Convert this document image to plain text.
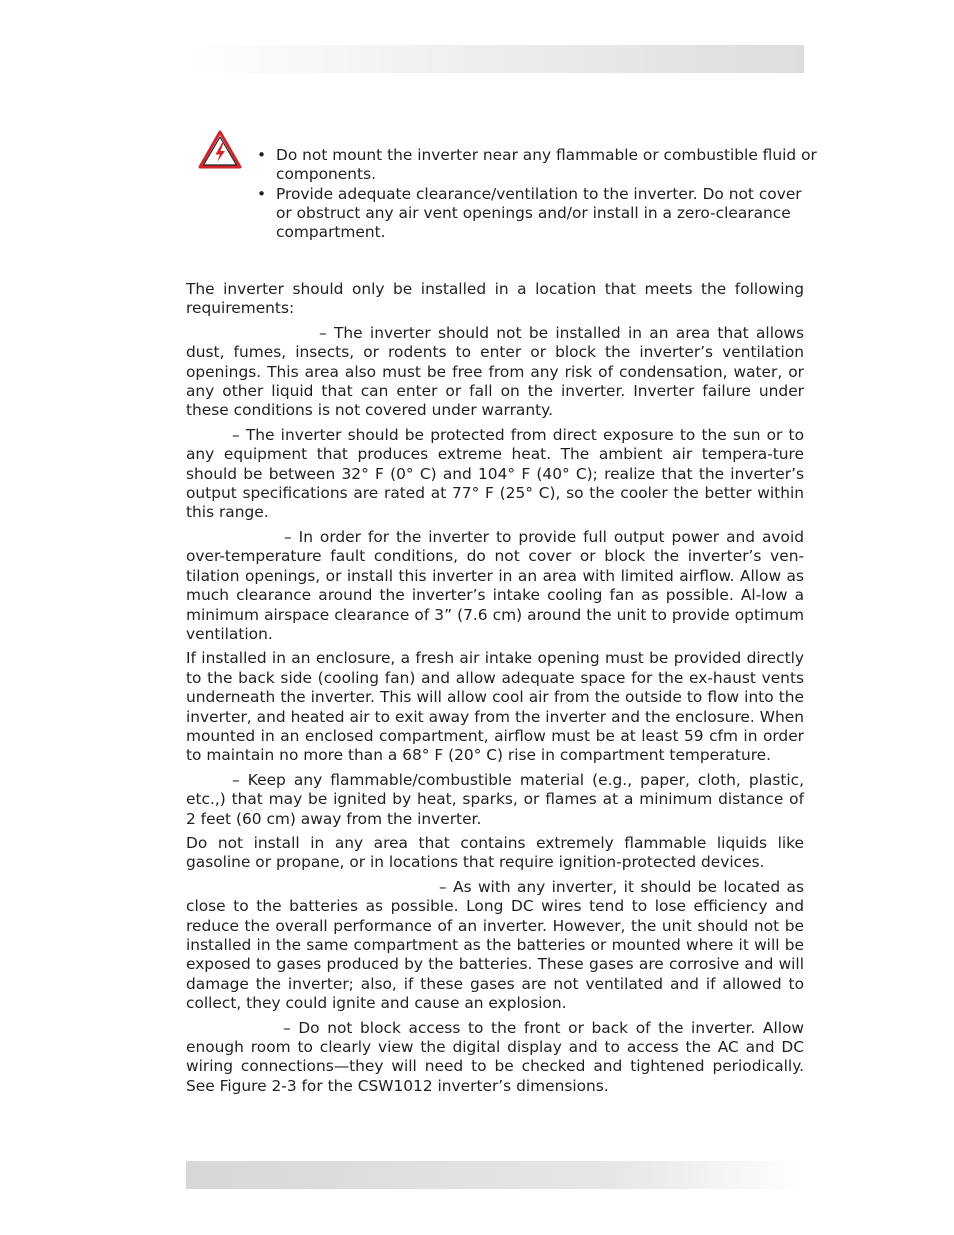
• Do not mount the inverter near any flammable or combustible fluid or components.
• Provide adequate clearance/ventilation to the inverter. Do not cover or obstruct any air vent openings and/or install in a zero-clearance compartment.

The inverter should only be installed in a location that meets the following requirements:

– The inverter should not be installed in an area that allows dust, fumes, insects, or rodents to enter or block the inverter’s ventilation openings. This area also must be free from any risk of condensation, water, or any other liquid that can enter or fall on the inverter. Inverter failure under these conditions is not covered under warranty.

– The inverter should be protected from direct exposure to the sun or to any equipment that produces extreme heat. The ambient air tempera-ture should be between 32° F (0° C) and 104° F (40° C); realize that the inverter’s output specifications are rated at 77° F (25° C), so the cooler the better within this range.

– In order for the inverter to provide full output power and avoid over-temperature fault conditions, do not cover or block the inverter’s ven-tilation openings, or install this inverter in an area with limited airflow. Allow as much clearance around the inverter’s intake cooling fan as possible. Al-low a minimum airspace clearance of 3” (7.6 cm) around the unit to provide optimum ventilation.

If installed in an enclosure, a fresh air intake opening must be provided directly to the back side (cooling fan) and allow adequate space for the ex-haust vents underneath the inverter. This will allow cool air from the outside to flow into the inverter, and heated air to exit away from the inverter and the enclosure. When mounted in an enclosed compartment, airflow must be at least 59 cfm in order to maintain no more than a 68° F (20° C) rise in compartment temperature.

– Keep any flammable/combustible material (e.g., paper, cloth, plastic, etc.,) that may be ignited by heat, sparks, or flames at a minimum distance of 2 feet (60 cm) away from the inverter.

Do not install in any area that contains extremely flammable liquids like gasoline or propane, or in locations that require ignition-protected devices.

– As with any inverter, it should be located as close to the batteries as possible. Long DC wires tend to lose efficiency and reduce the overall performance of an inverter. However, the unit should not be installed in the same compartment as the batteries or mounted where it will be exposed to gases produced by the batteries. These gases are corrosive and will damage the inverter; also, if these gases are not ventilated and if allowed to collect, they could ignite and cause an explosion.

– Do not block access to the front or back of the inverter. Allow enough room to clearly view the digital display and to access the AC and DC wiring connections—they will need to be checked and tightened periodically. See Figure 2-3 for the CSW1012 inverter’s dimensions.
